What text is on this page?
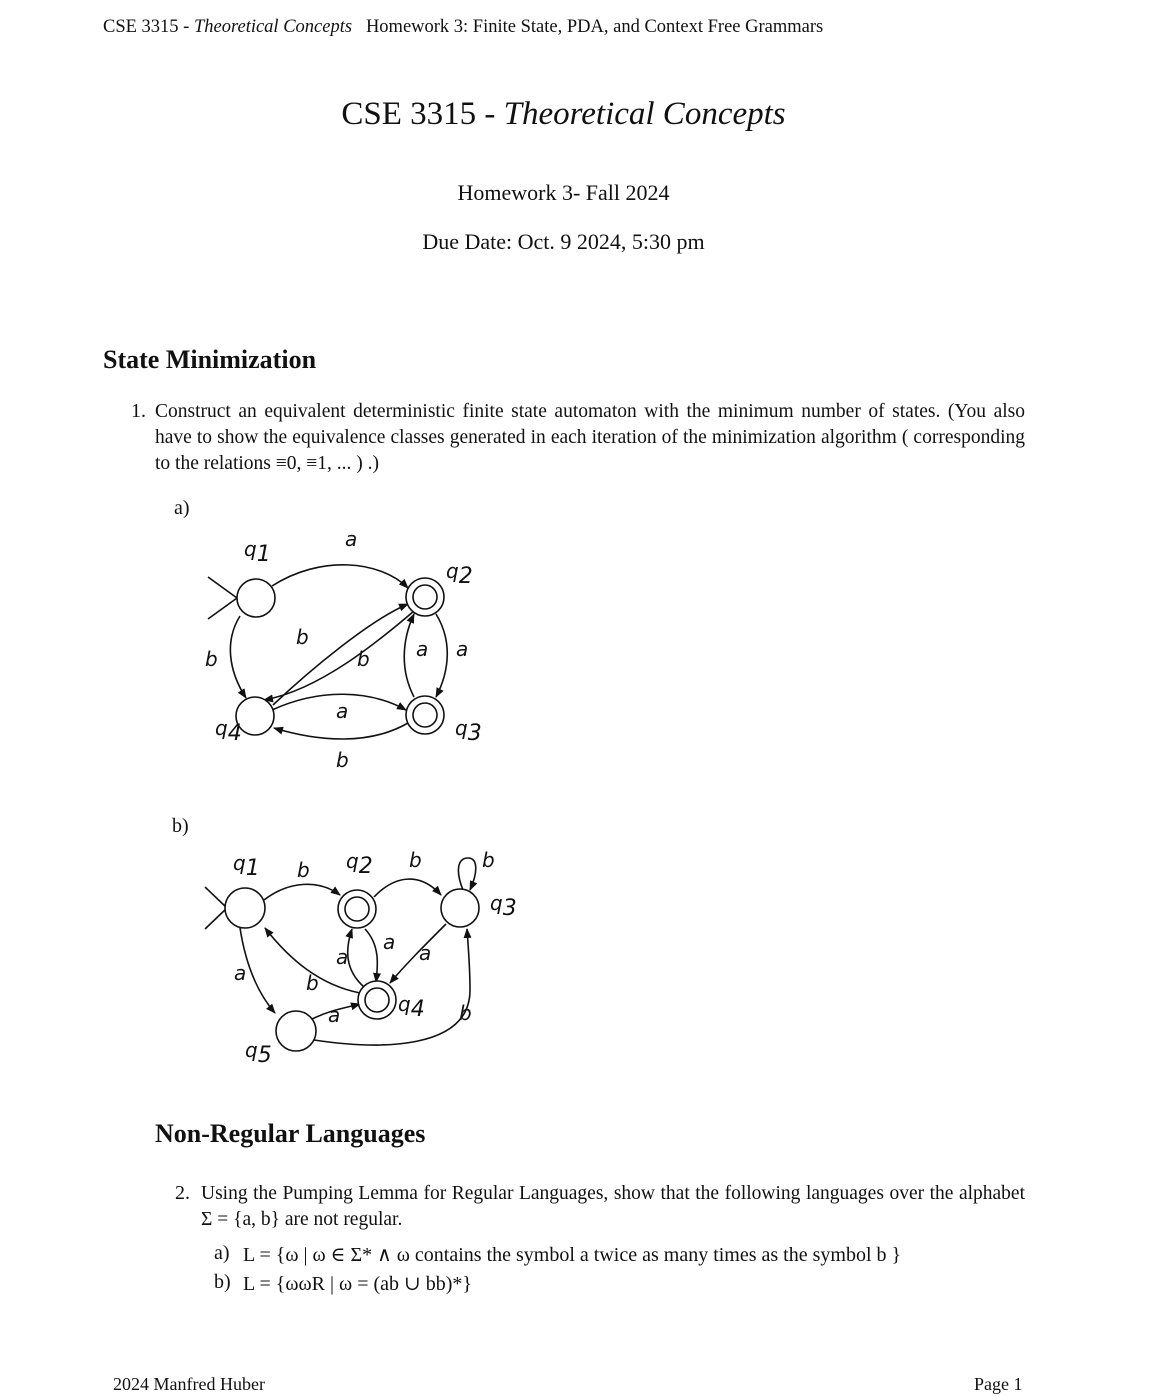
CSE 3315 - Theoretical Concepts Homework 3: Finite State, PDA, and Context Free Grammars
CSE 3315 - Theoretical Concepts
Homework 3- Fall 2024
Due Date: Oct. 9 2024, 5:30 pm
State Minimization
1. Construct an equivalent deterministic finite state automaton with the minimum number of states. (You also have to show the equivalence classes generated in each iteration of the minimization algorithm ( corresponding to the relations ≡0, ≡1, ... ) .)
a)
b)
q1
q2
q3
q4
a
b
b
b a a
a
b
q1	q2
q3
q4
q5
b	b	b
a	b
a
a a
a	b
Non-Regular Languages
2. Using the Pumping Lemma for Regular Languages, show that the following languages over the alphabet Σ = {a, b} are not regular.
a) L = {ω | ω ∈ Σ* ∧ ω contains the symbol a twice as many times as the symbol b }
b) L = {ωωR | ω = (ab ∪ bb)*}
2024 Manfred Huber	Page 1
